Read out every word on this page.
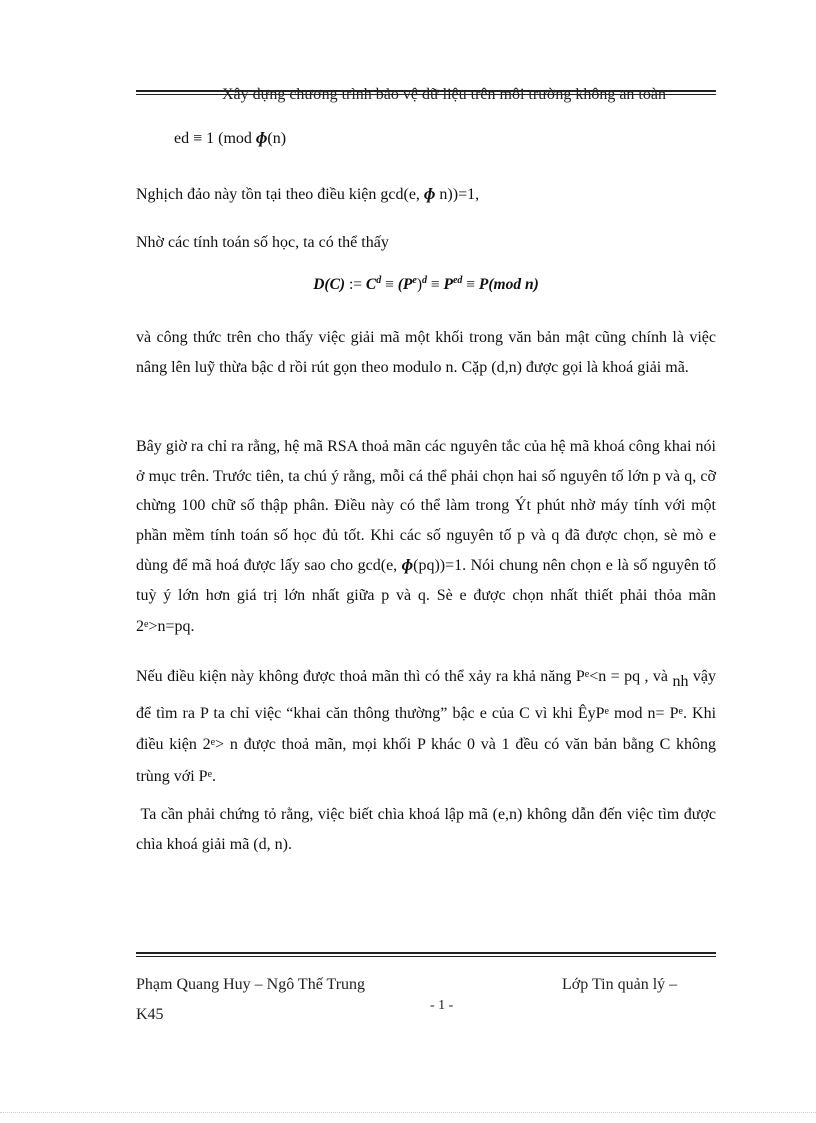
Xây dựng chương trình bảo vệ dữ liệu trên môi trường không an toàn
ed ≡ 1 (mod ɸ(n)
Nghịch đảo này tồn tại theo điều kiện gcd(e, ɸ n))=1,
Nhờ các tính toán số học, ta có thể thấy
D(C) := $C^d \equiv (P^e)^d \equiv P^{ed} \equiv P(mod$ n)
và công thức trên cho thấy việc giải mã một khối trong văn bản mật cũng chính là việc nâng lên luỹ thừa bậc d rồi rút gọn theo modulo n. Cặp (d,n) được gọi là khoá giải mã.
Bây giờ ra chỉ ra rằng, hệ mã RSA thoả mãn các nguyên tắc của hệ mã khoá công khai nói ở mục trên. Trước tiên, ta chú ý rằng, mỗi cá thể phải chọn hai số nguyên tố lớn p và q, cỡ chừng 100 chữ số thập phân. Điều này có thể làm trong Ýt phút nhờ máy tính với một phần mềm tính toán số học đủ tốt. Khi các số nguyên tố p và q đã được chọn, sè mò e dùng để mã hoá được lấy sao cho gcd(e, ɸ(pq))=1. Nói chung nên chọn e là số nguyên tố tuỳ ý lớn hơn giá trị lớn nhất giữa p và q. Sè e được chọn nhất thiết phải thỏa mãn $2^e>n=pq$.
Nếu điều kiện này không được thoả mãn thì có thể xảy ra khả năng $P^e<n$ = pq , và nh vậy để tìm ra P ta chỉ việc “khai căn thông thường” bậc e của C vì khi ÊyP$^e$ mod $n= P^e$. Khi điều kiện $2^e> n$ được thoả mãn, mọi khối P khác 0 và 1 đều có văn bản bằng C không trùng với $P^e$.
Ta cần phải chứng tỏ rằng, việc biết chìa khoá lập mã (e,n) không dẫn đến việc tìm được chìa khoá giải mã (d, n).
Phạm Quang Huy – Ngô Thế Trung	Lớp Tin quản lý –
- 1 -
K45
